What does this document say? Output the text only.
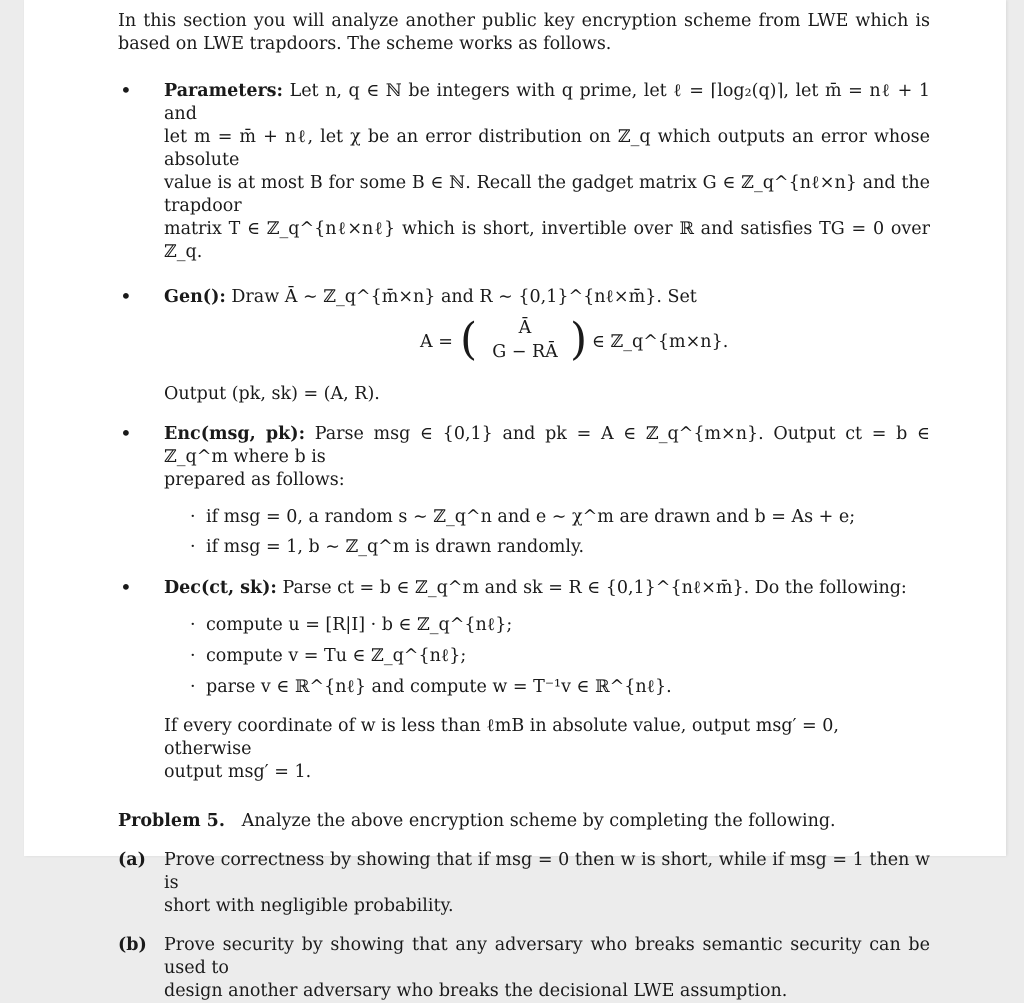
In this section you will analyze another public key encryption scheme from LWE which is based on LWE trapdoors. The scheme works as follows.

• Parameters: Let n, q ∈ ℕ be integers with q prime, let ℓ = ⌈log₂(q)⌉, let m̄ = nℓ + 1 and
let m = m̄ + nℓ, let χ be an error distribution on ℤ_q which outputs an error whose absolute
value is at most B for some B ∈ ℕ. Recall the gadget matrix G ∈ ℤ_q^{nℓ×n} and the trapdoor
matrix T ∈ ℤ_q^{nℓ×nℓ} which is short, invertible over ℝ and satisfies TG = 0 over ℤ_q.
• Gen(): Draw Ā ∼ ℤ_q^{m̄×n} and R ∼ {0,1}^{nℓ×m̄}. Set
A = (	Ā
G − RĀ ) ∈ ℤ_q^{m×n}.

Output (pk, sk) = (A, R).

• Enc(msg, pk): Parse msg ∈ {0,1} and pk = A ∈ ℤ_q^{m×n}. Output ct = b ∈ ℤ_q^m where b is
prepared as follows:
· if msg = 0, a random s ∼ ℤ_q^n and e ∼ χ^m are drawn and b = As + e;
· if msg = 1, b ∼ ℤ_q^m is drawn randomly.
• Dec(ct, sk): Parse ct = b ∈ ℤ_q^m and sk = R ∈ {0,1}^{nℓ×m̄}. Do the following:
· compute u = [R|I] · b ∈ ℤ_q^{nℓ};
· compute v = Tu ∈ ℤ_q^{nℓ};
· parse v ∈ ℝ^{nℓ} and compute w = T⁻¹v ∈ ℝ^{nℓ}.

If every coordinate of w is less than ℓmB in absolute value, output msg′ = 0, otherwise
output msg′ = 1.

Problem 5. Analyze the above encryption scheme by completing the following.

(a) Prove correctness by showing that if msg = 0 then w is short, while if msg = 1 then w is
short with negligible probability.
(b) Prove security by showing that any adversary who breaks semantic security can be used to
design another adversary who breaks the decisional LWE assumption.
